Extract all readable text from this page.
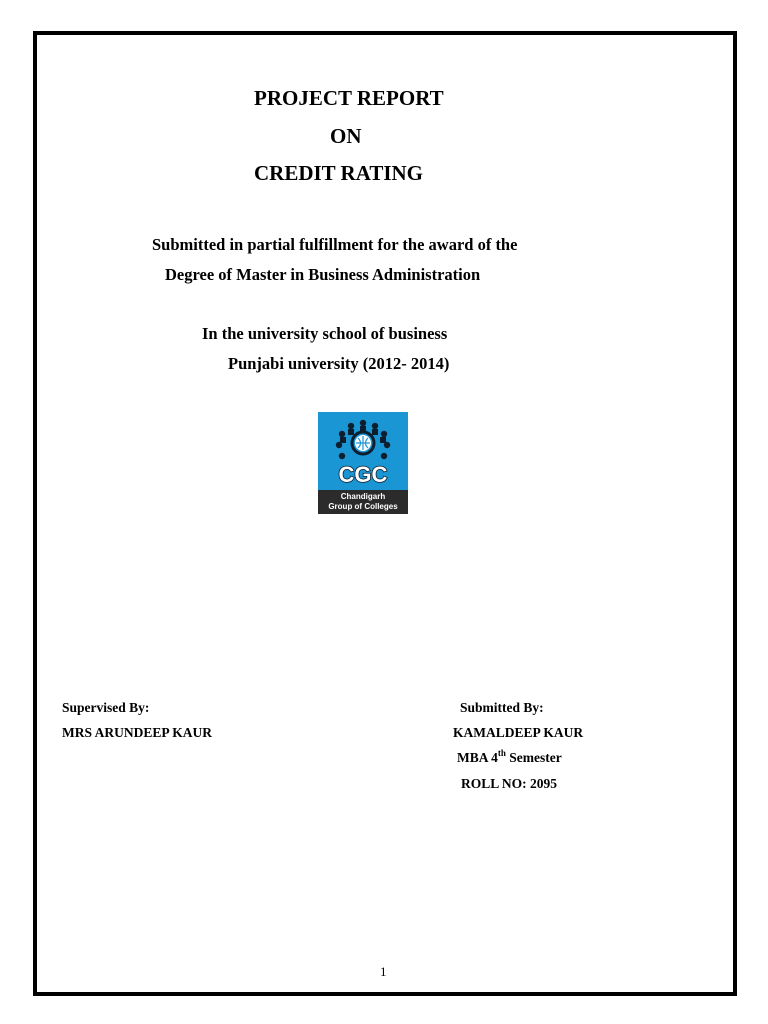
PROJECT REPORT
ON
CREDIT RATING
Submitted in partial fulfillment for the award of the
Degree of Master in Business Administration
In the university school of business
Punjabi university (2012- 2014)
CGC
Chandigarh
Group of Colleges
Supervised By:
MRS ARUNDEEP KAUR
Submitted By:
KAMALDEEP KAUR
MBA 4th Semester
ROLL NO: 2095
1
